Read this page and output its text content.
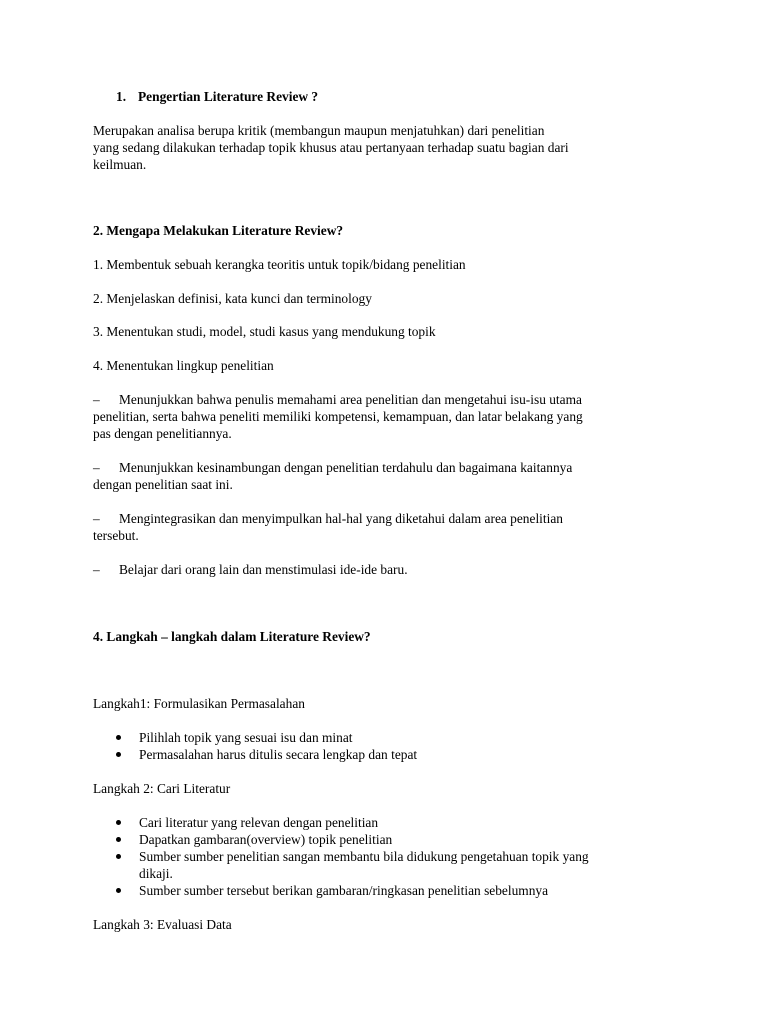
1. Pengertian Literature Review ?
Merupakan analisa berupa kritik (membangun maupun menjatuhkan) dari penelitian
yang sedang dilakukan terhadap topik khusus atau pertanyaan terhadap suatu bagian dari
keilmuan.
2. Mengapa Melakukan Literature Review?
1. Membentuk sebuah kerangka teoritis untuk topik/bidang penelitian
2. Menjelaskan definisi, kata kunci dan terminology
3. Menentukan studi, model, studi kasus yang mendukung topik
4. Menentukan lingkup penelitian
– Menunjukkan bahwa penulis memahami area penelitian dan mengetahui isu-isu utama
penelitian, serta bahwa peneliti memiliki kompetensi, kemampuan, dan latar belakang yang
pas dengan penelitiannya.
– Menunjukkan kesinambungan dengan penelitian terdahulu dan bagaimana kaitannya
dengan penelitian saat ini.
– Mengintegrasikan dan menyimpulkan hal-hal yang diketahui dalam area penelitian
tersebut.
– Belajar dari orang lain dan menstimulasi ide-ide baru.
4. Langkah – langkah dalam Literature Review?
Langkah1: Formulasikan Permasalahan
Pilihlah topik yang sesuai isu dan minat
Permasalahan harus ditulis secara lengkap dan tepat
Langkah 2: Cari Literatur
Cari literatur yang relevan dengan penelitian
Dapatkan gambaran(overview) topik penelitian
Sumber sumber penelitian sangan membantu bila didukung pengetahuan topik yang
dikaji.
Sumber sumber tersebut berikan gambaran/ringkasan penelitian sebelumnya
Langkah 3: Evaluasi Data
